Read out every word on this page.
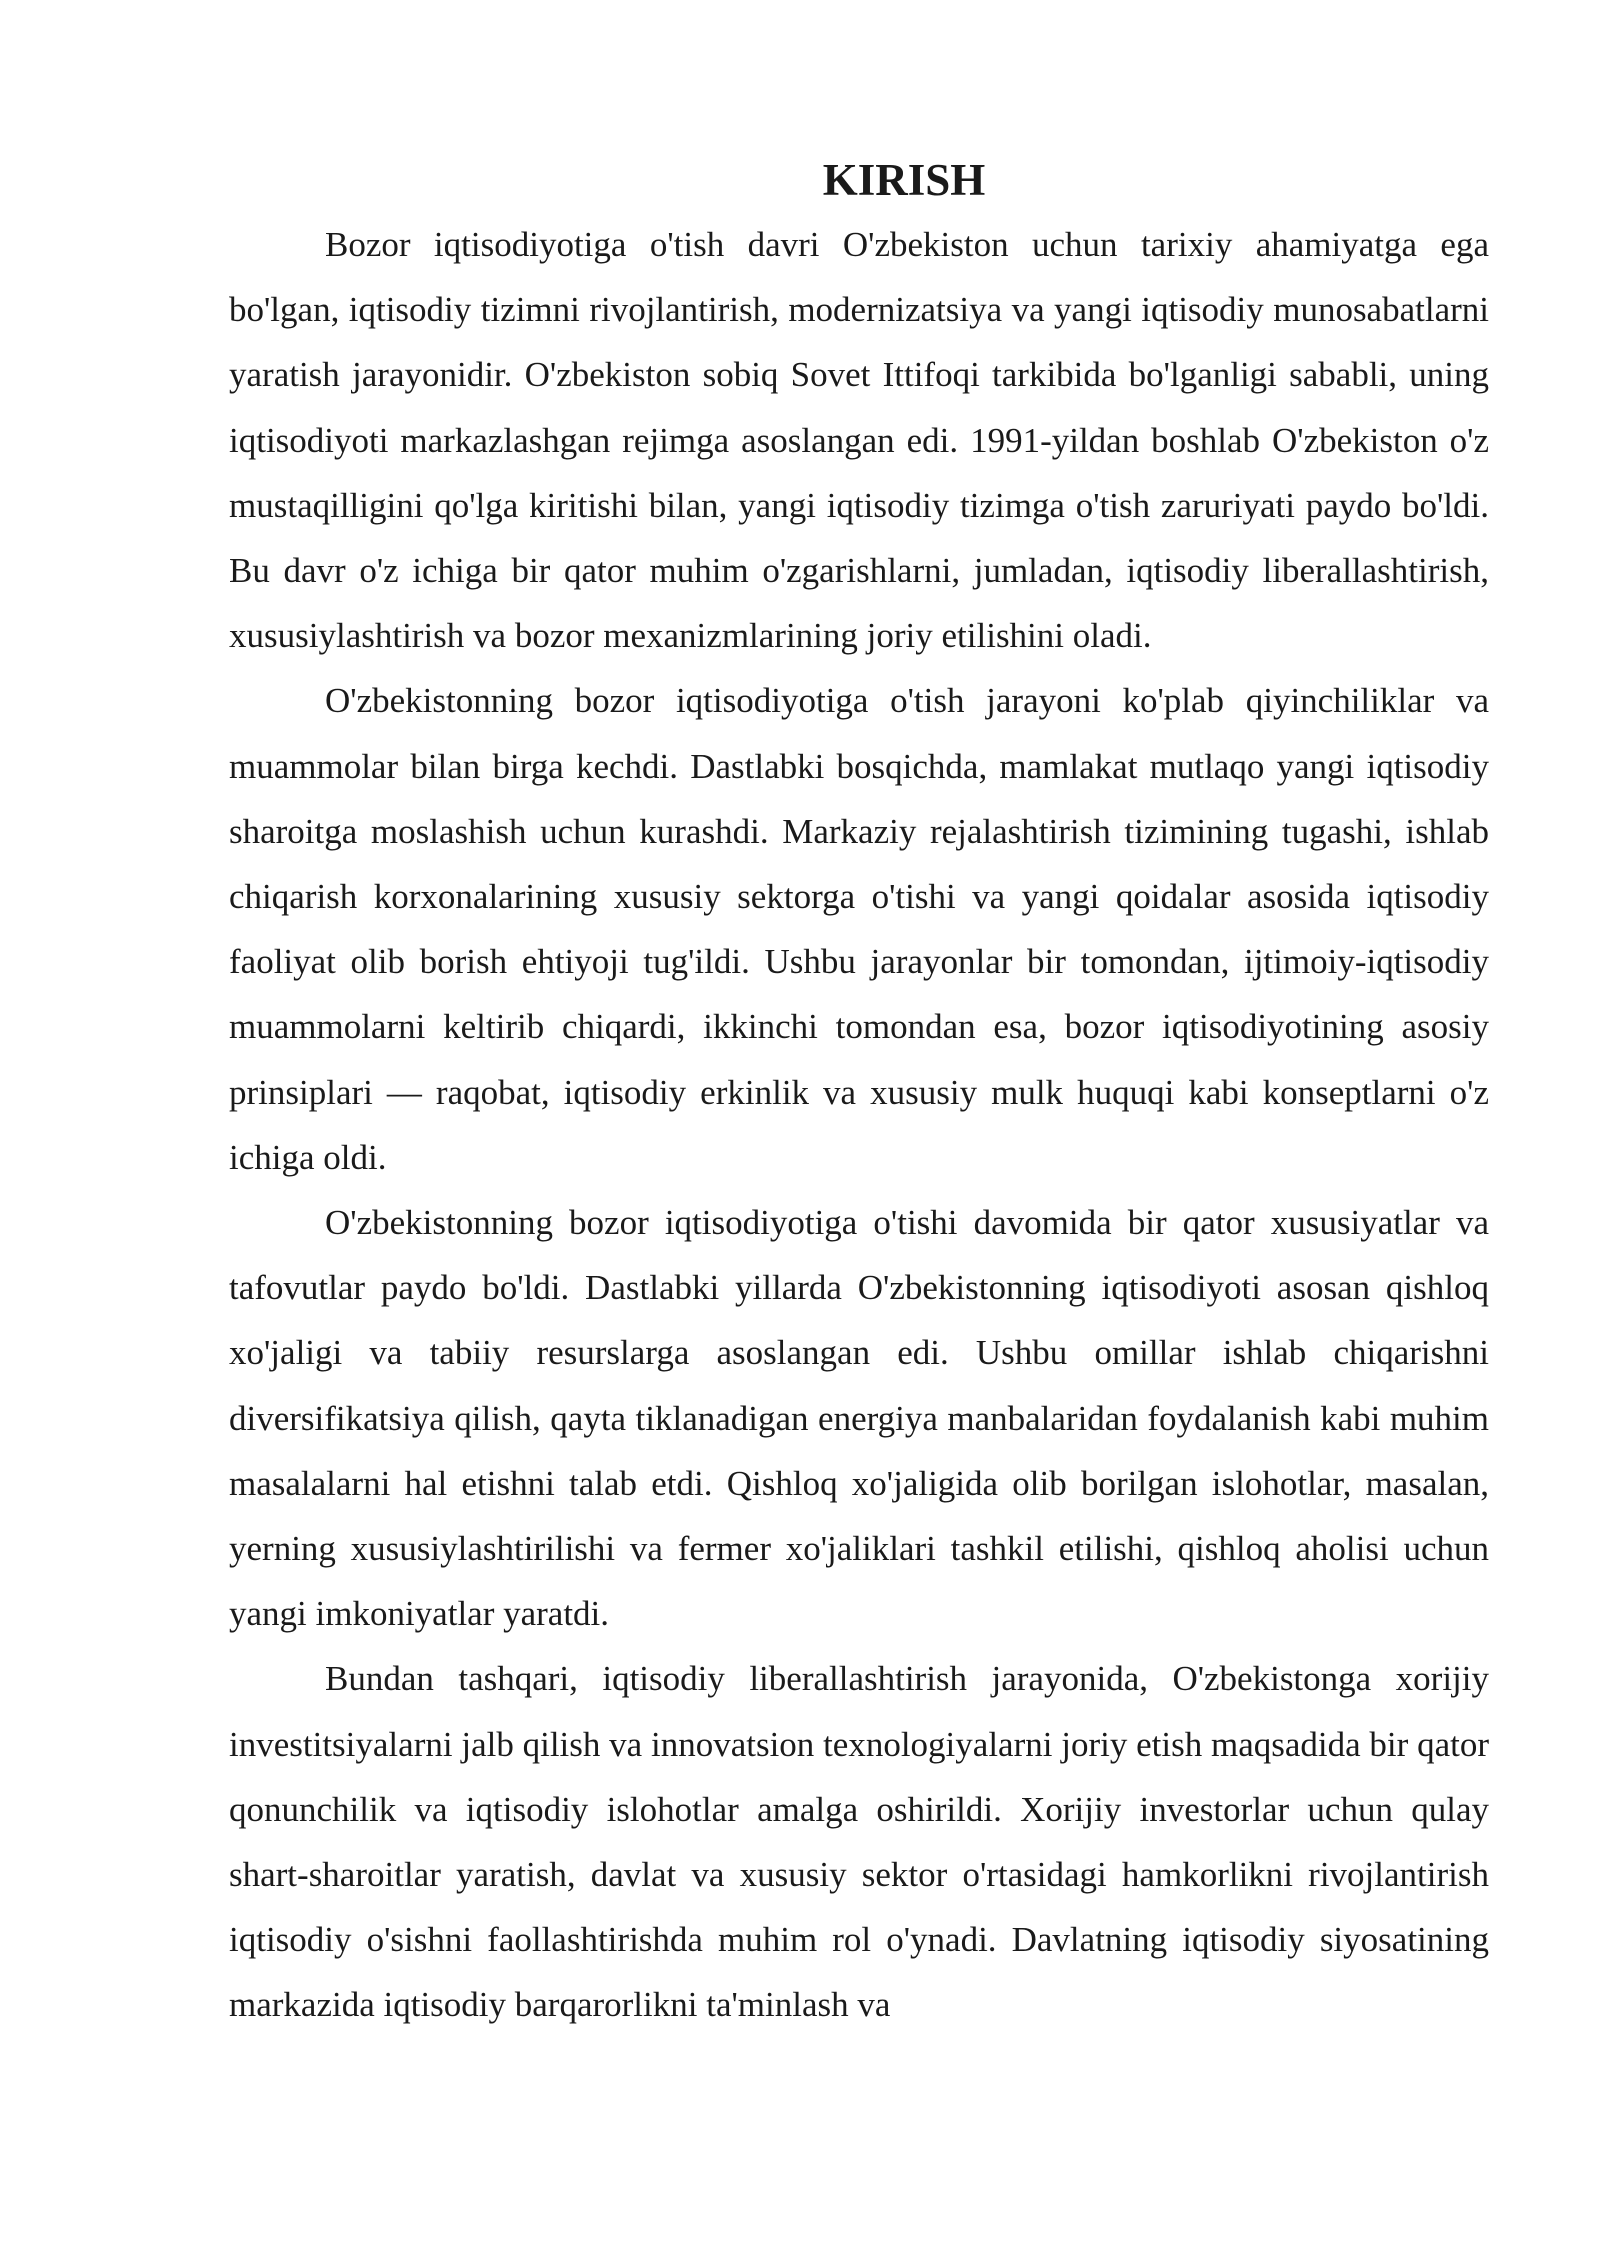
KIRISH

Bozor iqtisodiyotiga o'tish davri O'zbekiston uchun tarixiy ahamiyatga ega bo'lgan, iqtisodiy tizimni rivojlantirish, modernizatsiya va yangi iqtisodiy munosabatlarni yaratish jarayonidir. O'zbekiston sobiq Sovet Ittifoqi tarkibida bo'lganligi sababli, uning iqtisodiyoti markazlashgan rejimga asoslangan edi. 1991-yildan boshlab O'zbekiston o'z mustaqilligini qo'lga kiritishi bilan, yangi iqtisodiy tizimga o'tish zaruriyati paydo bo'ldi. Bu davr o'z ichiga bir qator muhim o'zgarishlarni, jumladan, iqtisodiy liberallashtirish, xususiylashtirish va bozor mexanizmlarining joriy etilishini oladi.

O'zbekistonning bozor iqtisodiyotiga o'tish jarayoni ko'plab qiyinchiliklar va muammolar bilan birga kechdi. Dastlabki bosqichda, mamlakat mutlaqo yangi iqtisodiy sharoitga moslashish uchun kurashdi. Markaziy rejalashtirish tizimining tugashi, ishlab chiqarish korxonalarining xususiy sektorga o'tishi va yangi qoidalar asosida iqtisodiy faoliyat olib borish ehtiyoji tug'ildi. Ushbu jarayonlar bir tomondan, ijtimoiy-iqtisodiy muammolarni keltirib chiqardi, ikkinchi tomondan esa, bozor iqtisodiyotining asosiy prinsiplari — raqobat, iqtisodiy erkinlik va xususiy mulk huquqi kabi konseptlarni o'z ichiga oldi.

O'zbekistonning bozor iqtisodiyotiga o'tishi davomida bir qator xususiyatlar va tafovutlar paydo bo'ldi. Dastlabki yillarda O'zbekistonning iqtisodiyoti asosan qishloq xo'jaligi va tabiiy resurslarga asoslangan edi. Ushbu omillar ishlab chiqarishni diversifikatsiya qilish, qayta tiklanadigan energiya manbalaridan foydalanish kabi muhim masalalarni hal etishni talab etdi. Qishloq xo'jaligida olib borilgan islohotlar, masalan, yerning xususiylashtirilishi va fermer xo'jaliklari tashkil etilishi, qishloq aholisi uchun yangi imkoniyatlar yaratdi.

Bundan tashqari, iqtisodiy liberallashtirish jarayonida, O'zbekistonga xorijiy investitsiyalarni jalb qilish va innovatsion texnologiyalarni joriy etish maqsadida bir qator qonunchilik va iqtisodiy islohotlar amalga oshirildi. Xorijiy investorlar uchun qulay shart-sharoitlar yaratish, davlat va xususiy sektor o'rtasidagi hamkorlikni rivojlantirish iqtisodiy o'sishni faollashtirishda muhim rol o'ynadi. Davlatning iqtisodiy siyosatining markazida iqtisodiy barqarorlikni ta'minlash va
